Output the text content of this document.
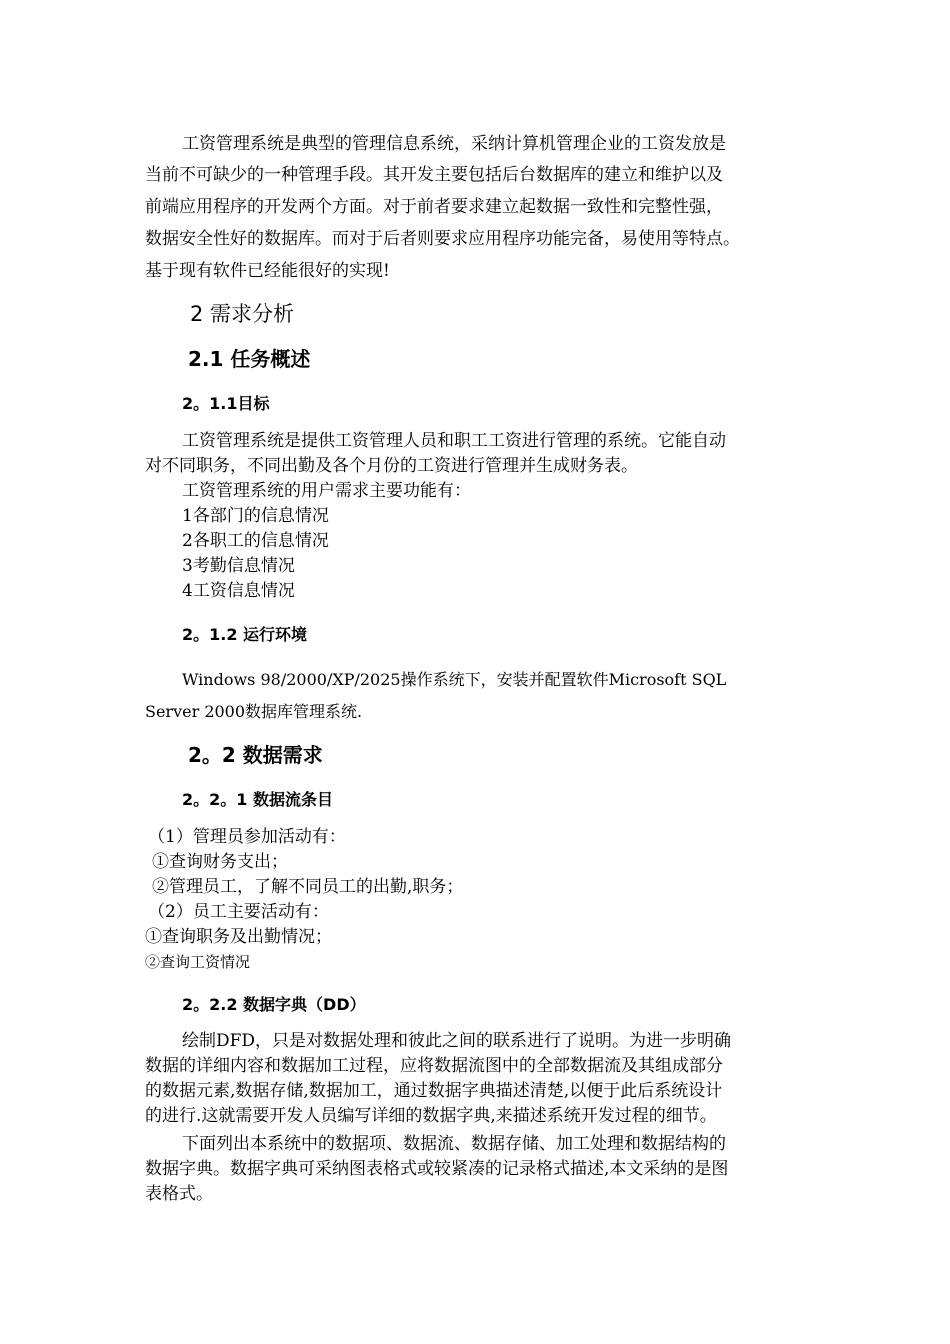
工资管理系统是典型的管理信息系统，采纳计算机管理企业的工资发放是
当前不可缺少的一种管理手段。其开发主要包括后台数据库的建立和维护以及
前端应用程序的开发两个方面。对于前者要求建立起数据一致性和完整性强，
数据安全性好的数据库。而对于后者则要求应用程序功能完备，易使用等特点。
基于现有软件已经能很好的实现!
2 需求分析
2.1 任务概述
2。1.1目标
工资管理系统是提供工资管理人员和职工工资进行管理的系统。它能自动
对不同职务，不同出勤及各个月份的工资进行管理并生成财务表。
工资管理系统的用户需求主要功能有：
1各部门的信息情况
2各职工的信息情况
3考勤信息情况
4工资信息情况
2。1.2 运行环境
Windows 98/2000/XP/2025操作系统下，安装并配置软件Microsoft SQL
Server 2000数据库管理系统.
2。2 数据需求
2。2。1 数据流条目
（1）管理员参加活动有：
①查询财务支出；
②管理员工，了解不同员工的出勤,职务；
（2）员工主要活动有：
①查询职务及出勤情况；
②查询工资情况
2。2.2 数据字典（DD）
绘制DFD，只是对数据处理和彼此之间的联系进行了说明。为进一步明确
数据的详细内容和数据加工过程，应将数据流图中的全部数据流及其组成部分
的数据元素,数据存储,数据加工，通过数据字典描述清楚,以便于此后系统设计
的进行.这就需要开发人员编写详细的数据字典,来描述系统开发过程的细节。
下面列出本系统中的数据项、数据流、数据存储、加工处理和数据结构的
数据字典。数据字典可采纳图表格式或较紧凑的记录格式描述,本文采纳的是图
表格式。
